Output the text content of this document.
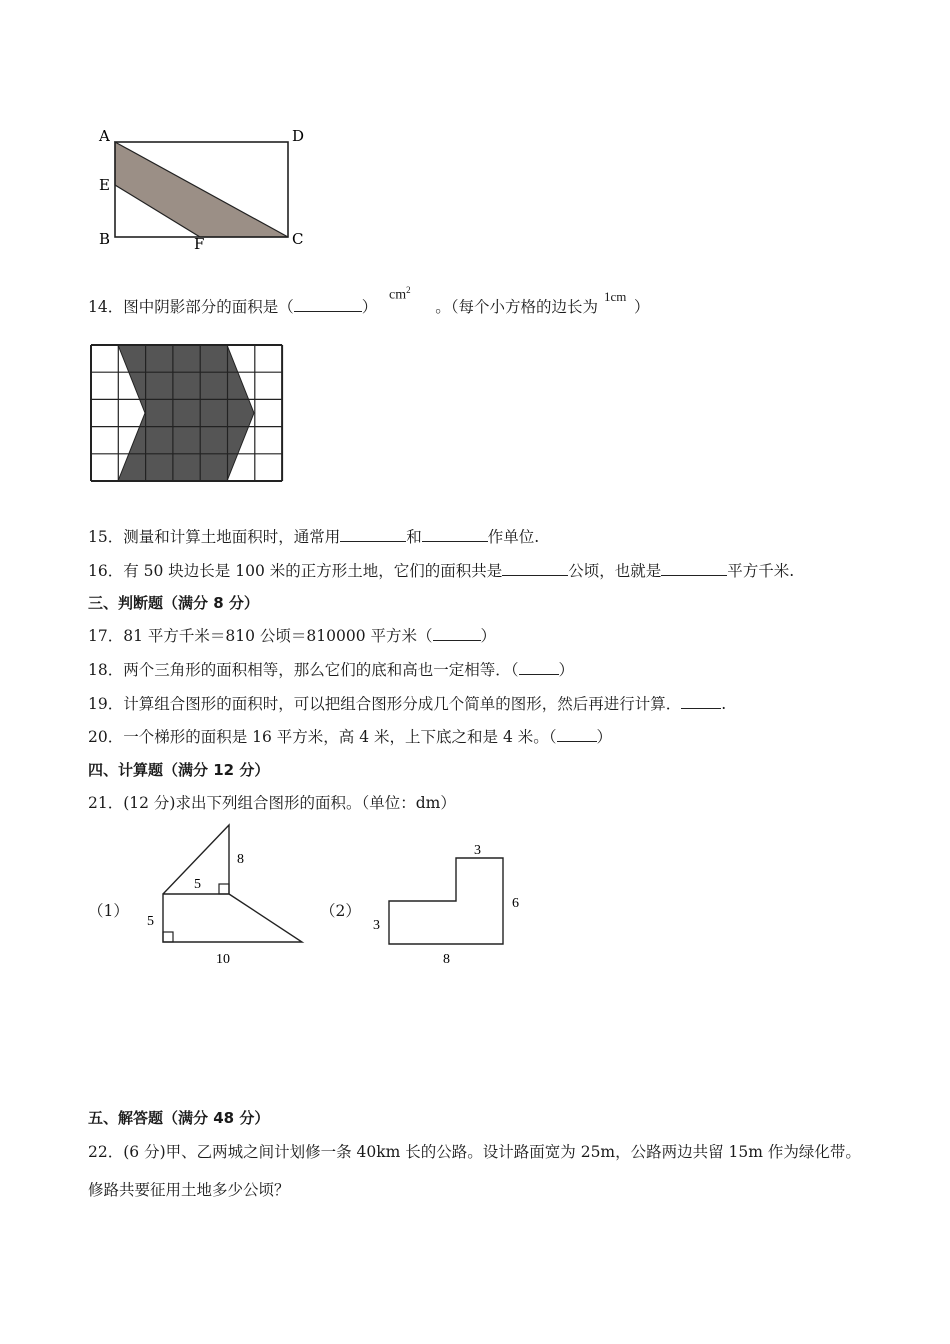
A	D
E
B	F	C
14．图中阴影部分的面积是（	）	。（每个小方格的边长为 ）
$cm^2$	1cm
15．测量和计算土地面积时，通常用	和	作单位.
16．有 50 块边长是 100 米的正方形土地，它们的面积共是	公顷，也就是	平方千米.
三、判断题（满分 8 分）
17．81 平方千米＝810 公顷＝810000 平方米（	）
18．两个三角形的面积相等，那么它们的底和高也一定相等．（	）
19．计算组合图形的面积时，可以把组合图形分成几个简单的图形，然后再进行计算．	.
20．一个梯形的面积是 16 平方米，高 4 米，上下底之和是 4 米。（	）
四、计算题（满分 12 分）
21．(12 分)求出下列组合图形的面积。（单位：dm）
（1）
8
5
5
10
（2）
3
6
3
8
五、解答题（满分 48 分）
22．(6 分)甲、乙两城之间计划修一条 40km 长的公路。设计路面宽为 25m，公路两边共留 15m 作为绿化带。
修路共要征用土地多少公顷？
